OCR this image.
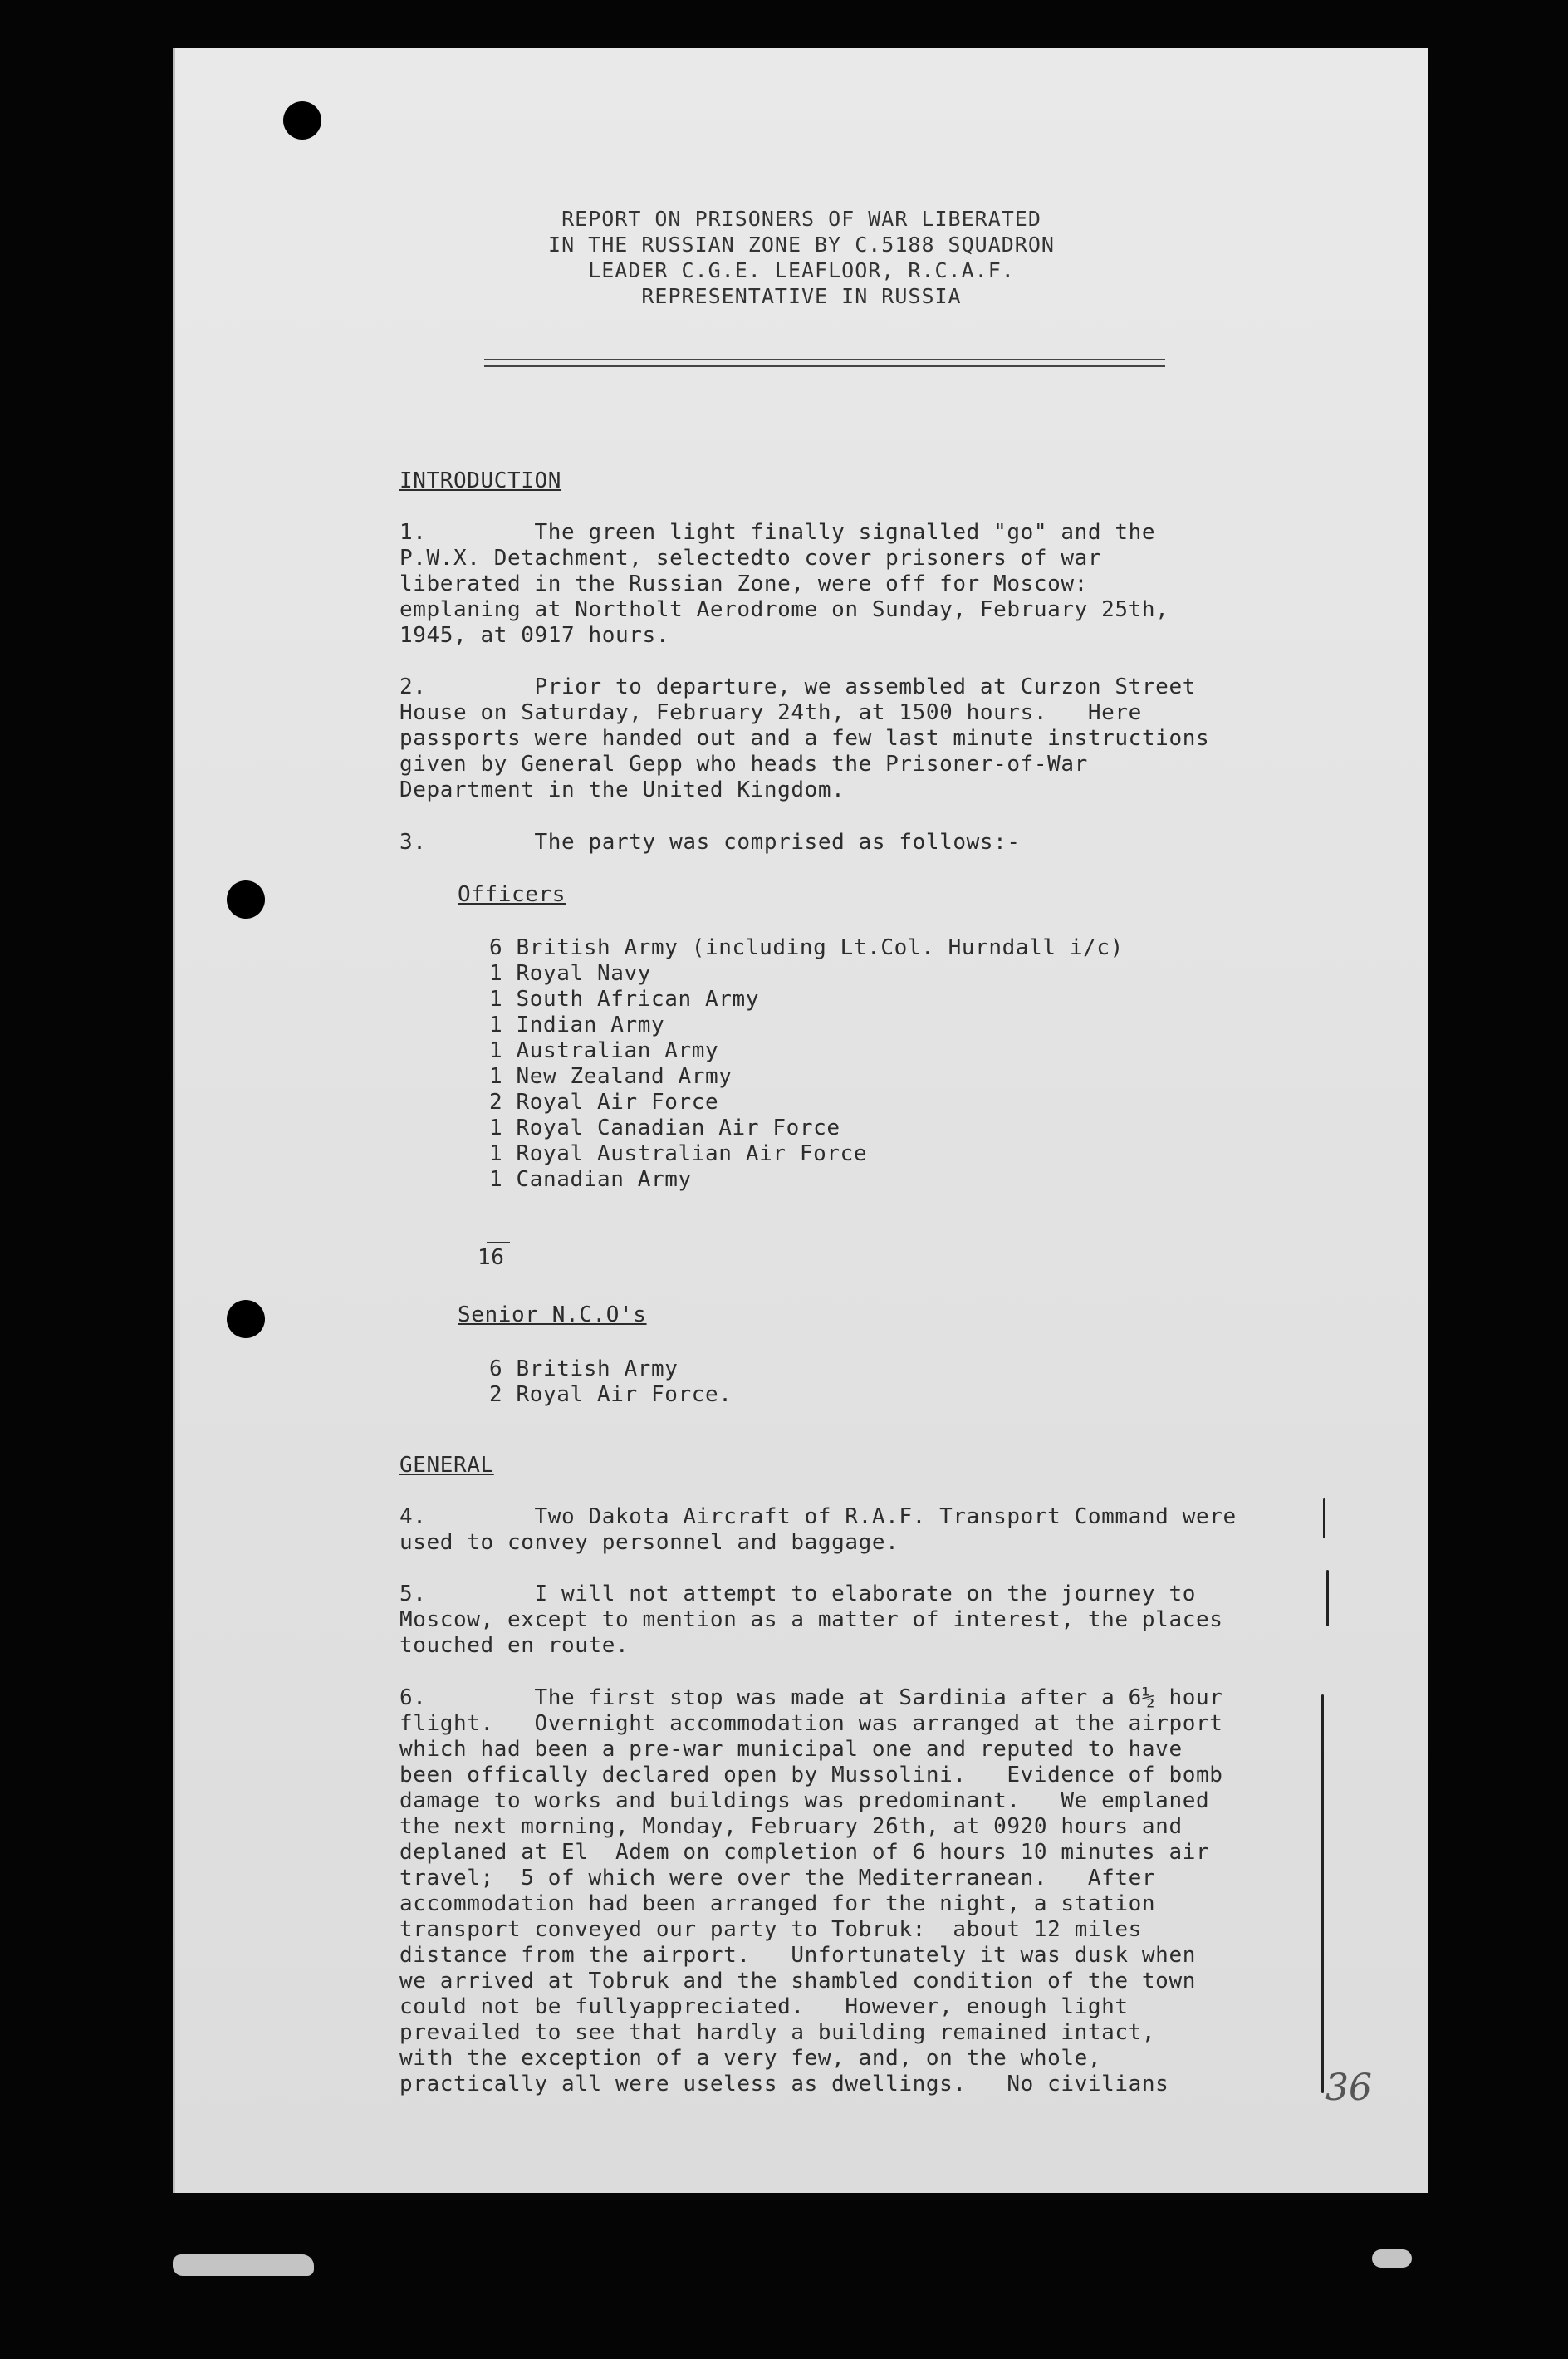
REPORT ON PRISONERS OF WAR LIBERATED
IN THE RUSSIAN ZONE BY C.5188 SQUADRON
LEADER C.G.E. LEAFLOOR, R.C.A.F.
REPRESENTATIVE IN RUSSIA
INTRODUCTION
1.        The green light finally signalled "go" and the
P.W.X. Detachment, selectedto cover prisoners of war
liberated in the Russian Zone, were off for Moscow:
emplaning at Northolt Aerodrome on Sunday, February 25th,
1945, at 0917 hours.
2.        Prior to departure, we assembled at Curzon Street
House on Saturday, February 24th, at 1500 hours.   Here
passports were handed out and a few last minute instructions
given by General Gepp who heads the Prisoner-of-War
Department in the United Kingdom.
3.        The party was comprised as follows:-
Officers
6 British Army (including Lt.Col. Hurndall i/c)
1 Royal Navy
1 South African Army
1 Indian Army
1 Australian Army
1 New Zealand Army
2 Royal Air Force
1 Royal Canadian Air Force
1 Royal Australian Air Force
1 Canadian Army
16
Senior N.C.O's
6 British Army
2 Royal Air Force.
GENERAL
4.        Two Dakota Aircraft of R.A.F. Transport Command were
used to convey personnel and baggage.
5.        I will not attempt to elaborate on the journey to
Moscow, except to mention as a matter of interest, the places
touched en route.
6.        The first stop was made at Sardinia after a 6½ hour
flight.   Overnight accommodation was arranged at the airport
which had been a pre-war municipal one and reputed to have
been offically declared open by Mussolini.   Evidence of bomb
damage to works and buildings was predominant.   We emplaned
the next morning, Monday, February 26th, at 0920 hours and
deplaned at El  Adem on completion of 6 hours 10 minutes air
travel;  5 of which were over the Mediterranean.   After
accommodation had been arranged for the night, a station
transport conveyed our party to Tobruk:  about 12 miles
distance from the airport.   Unfortunately it was dusk when
we arrived at Tobruk and the shambled condition of the town
could not be fullyappreciated.   However, enough light
prevailed to see that hardly a building remained intact,
with the exception of a very few, and, on the whole,
practically all were useless as dwellings.   No civilians	36
